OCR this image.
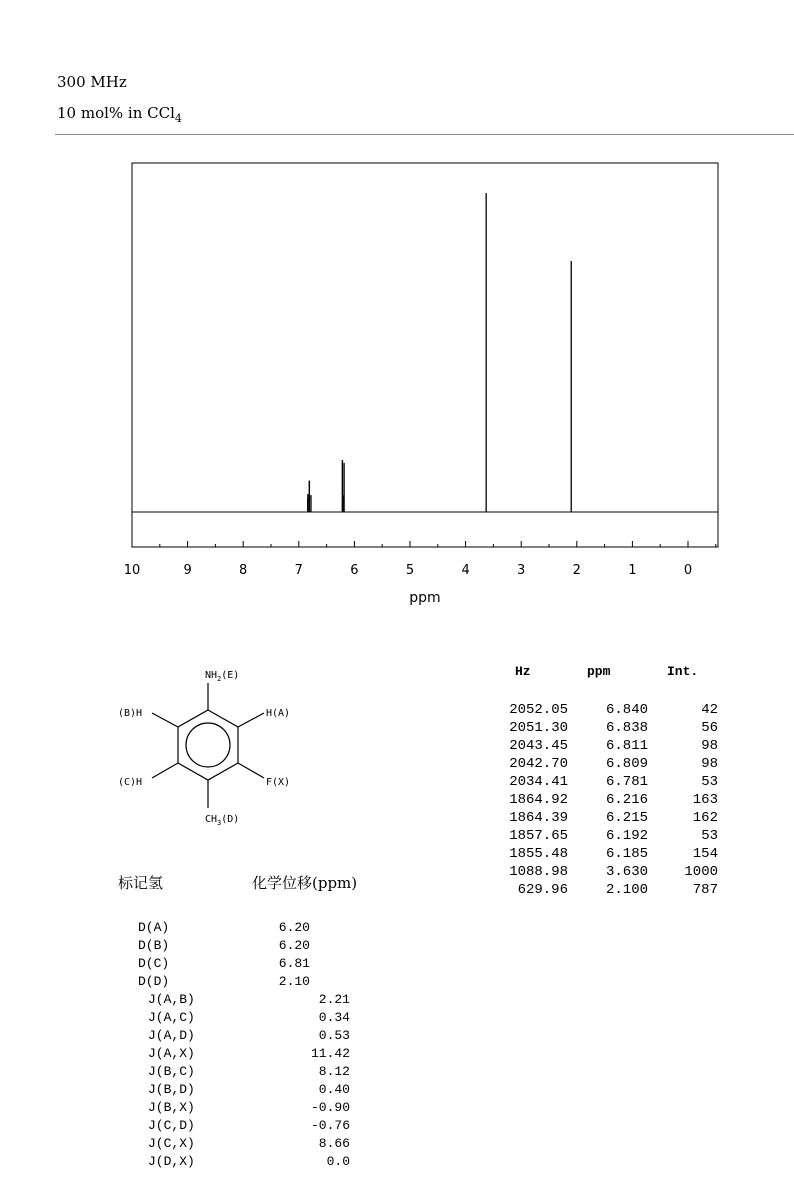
300 MHz
10 mol% in CCl$_4$
10	9	8	7	6	5	4	3	2	1	0
ppm
$NH_2(E)$
(B)H	H(A)
(C)H	F(X)
$CH_3(D)$
Hz	ppm	Int.
2052.05	6.840	42
2051.30	6.838	56
2043.45	6.811	98
2042.70	6.809	98
2034.41	6.781	53
1864.92	6.216	163
1864.39	6.215	162
1857.65	6.192	53
1855.48	6.185	154
1088.98	3.630	1000
629.96	2.100	787
标记氢	化学位移(ppm)
D(A)	6.20
D(B)	6.20
D(C)	6.81
D(D)	2.10
J(A,B)	2.21
J(A,C)	0.34
J(A,D)	0.53
J(A,X)	11.42
J(B,C)	8.12
J(B,D)	0.40
J(B,X)	-0.90
J(C,D)	-0.76
J(C,X)	8.66
J(D,X)	0.0
